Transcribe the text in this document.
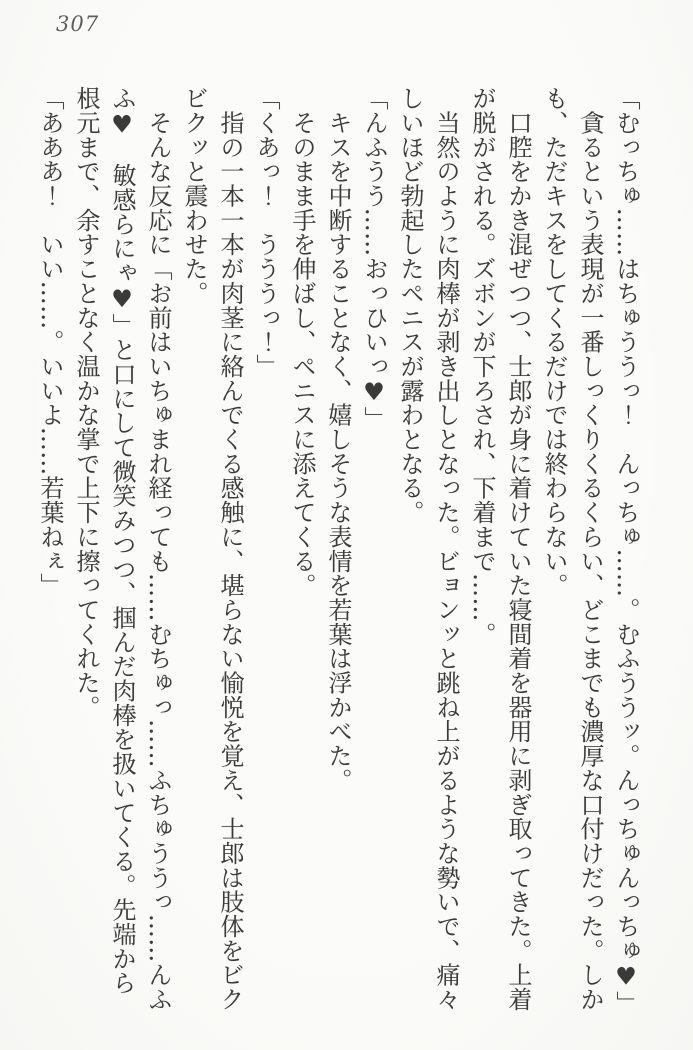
307

「むっちゅ……はちゅううっ！　んっちゅ……。むふううッ。んっちゅんっちゅ♥」

　貪るという表現が一番しっくりくるくらい、どこまでも濃厚な口付けだった。しかも、ただキスをしてくるだけでは終わらない。

　口腔をかき混ぜつつ、士郎が身に着けていた寝間着を器用に剥ぎ取ってきた。上着が脱がされる。ズボンが下ろされ、下着まで……。

　当然のように肉棒が剥き出しとなった。ビョンッと跳ね上がるような勢いで、痛々しいほど勃起したペニスが露わとなる。

「んふうう……おっひいっ♥」

　キスを中断することなく、嬉しそうな表情を若葉は浮かべた。

　そのまま手を伸ばし、ペニスに添えてくる。

「くあっ！　うううっ！」

　指の一本一本が肉茎に絡んでくる感触に、堪らない愉悦を覚え、士郎は肢体をビクビクッと震わせた。

　そんな反応に「お前はいちゅまれ経っても……むちゅっ……ふちゅううっ……んふふ♥　敏感らにゃ♥」と口にして微笑みつつ、掴んだ肉棒を扱いてくる。先端から根元まで、余すことなく温かな掌で上下に擦ってくれた。

「あああ！　いい……。いいよ……若葉ねぇ」
